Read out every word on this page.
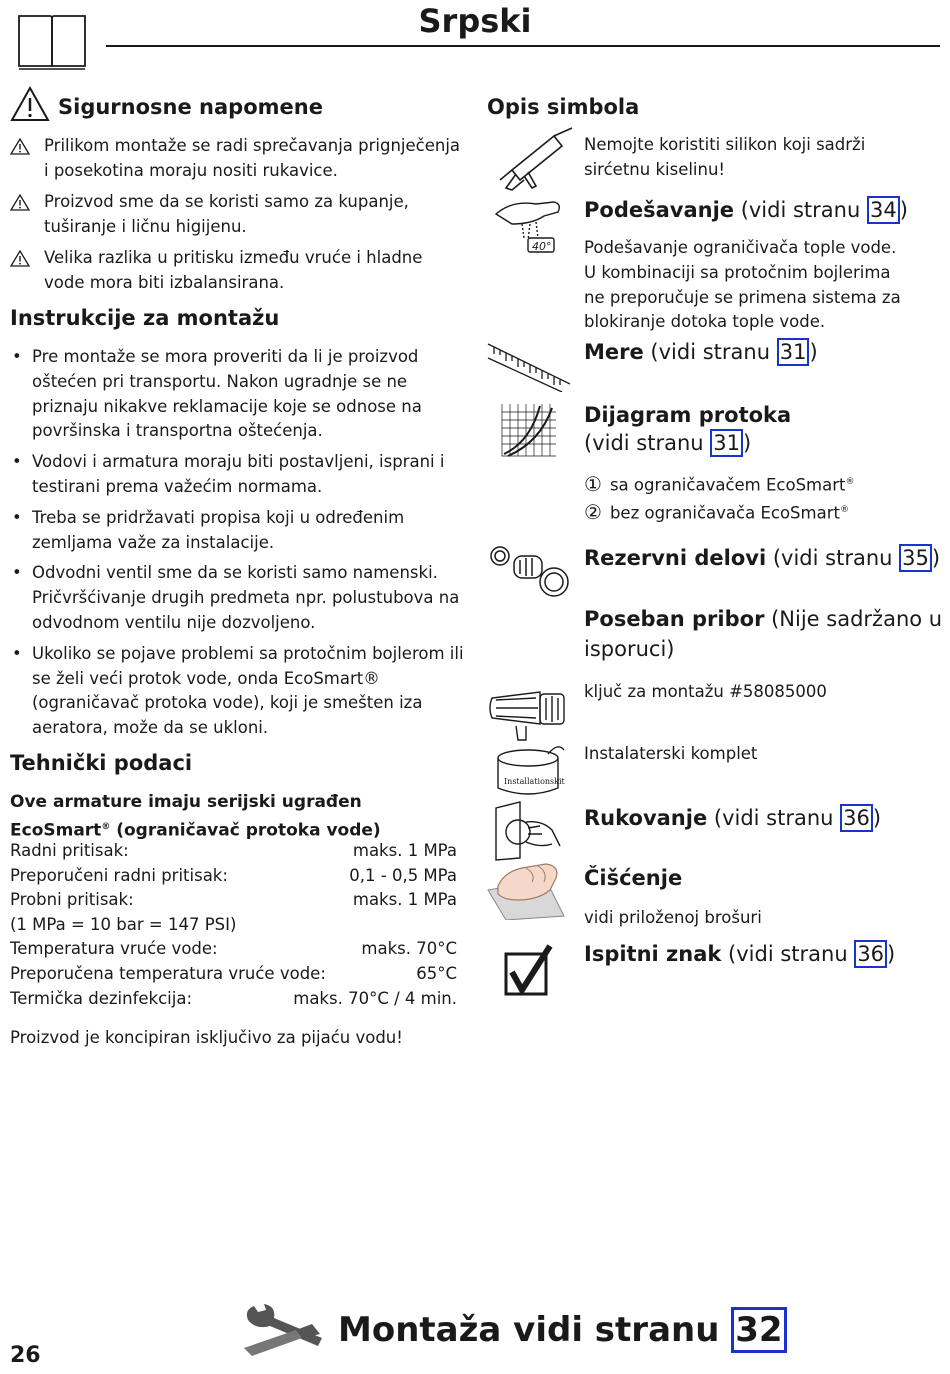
Srpski
Sigurnosne napomene
Prilikom montaže se radi sprečavanja prignječenja i posekotina moraju nositi rukavice.
Proizvod sme da se koristi samo za kupanje, tuširanje i ličnu higijenu.
Velika razlika u pritisku između vruće i hladne vode mora biti izbalansirana.
Instrukcije za montažu
• Pre montaže se mora proveriti da li je proizvod oštećen pri transportu. Nakon ugradnje se ne priznaju nikakve reklamacije koje se odnose na površinska i transportna oštećenja.
• Vodovi i armatura moraju biti postavljeni, isprani i testirani prema važećim normama.
• Treba se pridržavati propisa koji u određenim zemljama važe za instalacije.
• Odvodni ventil sme da se koristi samo namenski. Pričvršćivanje drugih predmeta npr. polustubova na odvodnom ventilu nije dozvoljeno.
• Ukoliko se pojave problemi sa protočnim bojlerom ili se želi veći protok vode, onda EcoSmart® (ograničavač protoka vode), koji je smešten iza aeratora, može da se ukloni.
Tehnički podaci
Ove armature imaju serijski ugrađen
EcoSmart® (ograničavač protoka vode)
Radni pritisak:	maks. 1 MPa
Preporučeni radni pritisak:	0,1 - 0,5 MPa
Probni pritisak:	maks. 1 MPa
(1 MPa = 10 bar = 147 PSI)
Temperatura vruće vode:	maks. 70°C
Preporučena temperatura vruće vode:	65°C
Termička dezinfekcija:	maks. 70°C / 4 min.
Proizvod je koncipiran isključivo za pijaću vodu!
Opis simbola
Nemojte koristiti silikon koji sadrži sirćetnu kiselinu!
40°
Podešavanje (vidi stranu 34 )
Podešavanje ograničivača tople vode. U kombinaciji sa protočnim bojlerima ne preporučuje se primena sistema za blokiranje dotoka tople vode.
Mere (vidi stranu 31 )
Dijagram protoka
(vidi stranu 31 )
① sa ograničavačem EcoSmart®
② bez ograničavača EcoSmart®
Rezervni delovi (vidi stranu 35 )
Poseban pribor (Nije sadržano u
isporuci)
ključ za montažu #58085000
Installationskit
Instalaterski komplet
Rukovanje (vidi stranu 36 )
Čišćenje
vidi priloženoj brošuri
Ispitni znak (vidi stranu 36 )
Montaža vidi stranu 32
26
